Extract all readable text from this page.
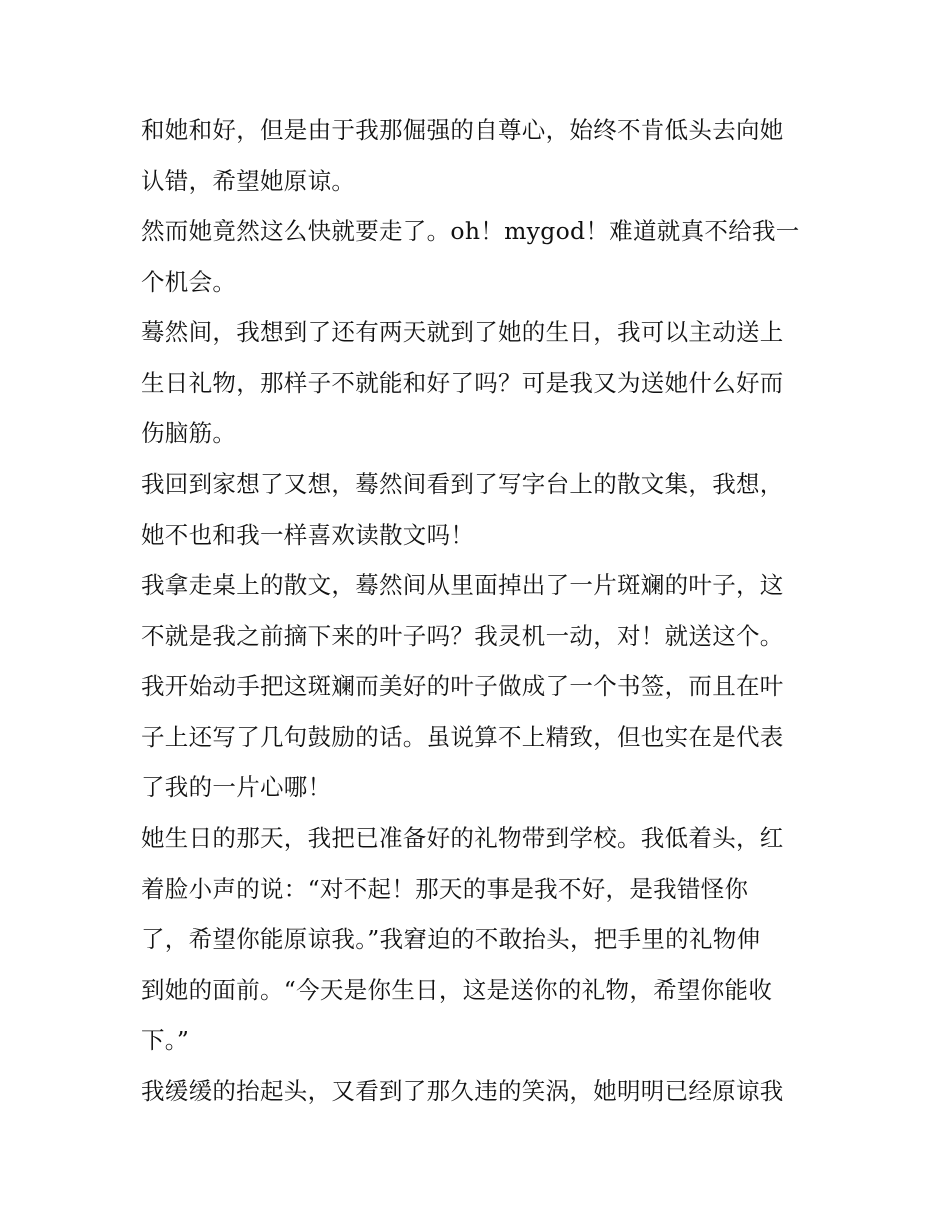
和她和好，但是由于我那倔强的自尊心，始终不肯低头去向她
认错，希望她原谅。

然而她竟然这么快就要走了。oh！mygod！难道就真不给我一
个机会。

蓦然间，我想到了还有两天就到了她的生日，我可以主动送上
生日礼物，那样子不就能和好了吗？可是我又为送她什么好而
伤脑筋。

我回到家想了又想，蓦然间看到了写字台上的散文集，我想，
她不也和我一样喜欢读散文吗！

我拿走桌上的散文，蓦然间从里面掉出了一片斑斓的叶子，这
不就是我之前摘下来的叶子吗？我灵机一动，对！就送这个。

我开始动手把这斑斓而美好的叶子做成了一个书签，而且在叶
子上还写了几句鼓励的话。虽说算不上精致，但也实在是代表
了我的一片心哪！

她生日的那天，我把已准备好的礼物带到学校。我低着头，红
着脸小声的说：“对不起！那天的事是我不好，是我错怪你
了，希望你能原谅我。”我窘迫的不敢抬头，把手里的礼物伸
到她的面前。“今天是你生日，这是送你的礼物，希望你能收
下。”

我缓缓的抬起头，又看到了那久违的笑涡，她明明已经原谅我
